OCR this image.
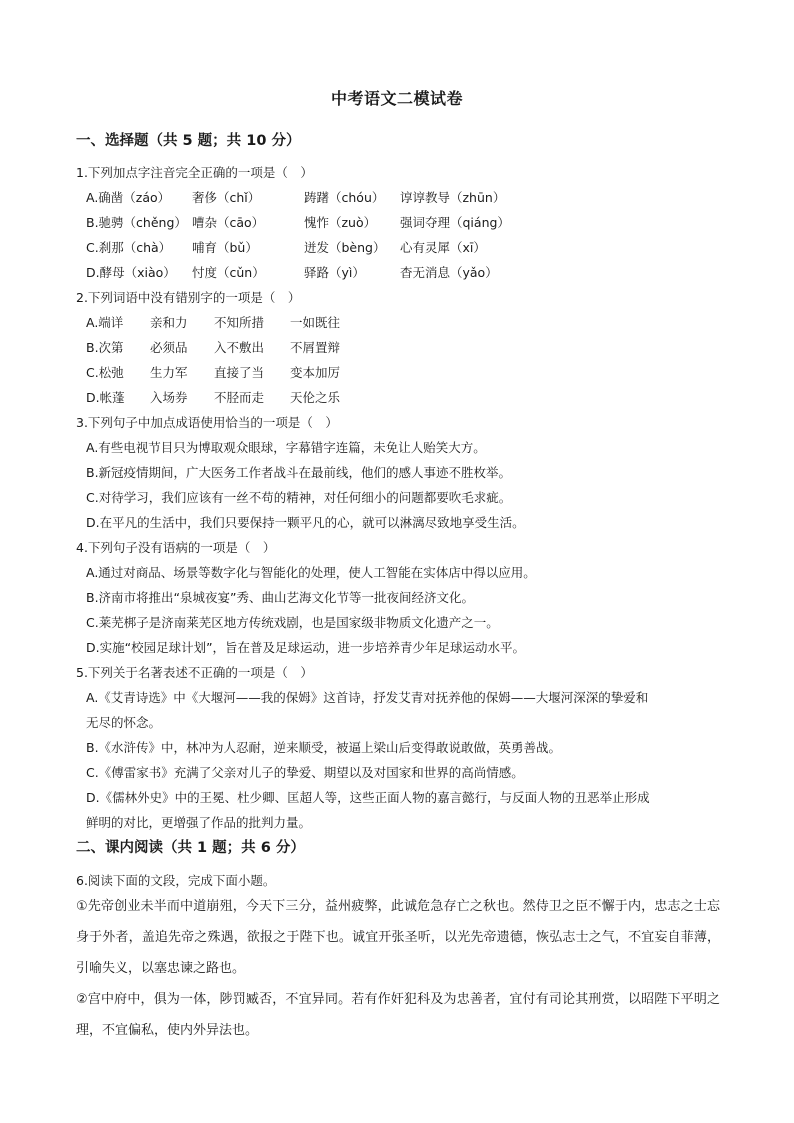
中考语文二模试卷
一、选择题（共 5 题；共 10 分）
1.下列加点字注音完全正确的一项是（　）
A.确凿（záo） 奢侈（chǐ）	踌躇（chóu） 谆谆教导（zhūn）
B.驰骋（chěng） 嘈杂（cāo）	愧怍（zuò） 强词夺理（qiáng）
C.刹那（chà） 哺育（bǔ）	迸发（bèng） 心有灵犀（xī）
D.酵母（xiào） 忖度（cǔn）	驿路（yì）	杳无消息（yǎo）
2.下列词语中没有错别字的一项是（　）
A.端详 亲和力 不知所措 一如既往
B.次第 必须品 入不敷出 不屑置辩
C.松弛 生力军 直接了当 变本加厉
D.帐蓬 入场券 不胫而走 天伦之乐
3.下列句子中加点成语使用恰当的一项是（　）
A.有些电视节目只为博取观众眼球，字幕错字连篇，未免让人贻笑大方。
B.新冠疫情期间，广大医务工作者战斗在最前线，他们的感人事迹不胜枚举。
C.对待学习，我们应该有一丝不苟的精神，对任何细小的问题都要吹毛求疵。
D.在平凡的生活中，我们只要保持一颗平凡的心，就可以淋漓尽致地享受生活。
4.下列句子没有语病的一项是（　）
A.通过对商品、场景等数字化与智能化的处理，使人工智能在实体店中得以应用。
B.济南市将推出“泉城夜宴”秀、曲山艺海文化节等一批夜间经济文化。
C.莱芜梆子是济南莱芜区地方传统戏剧，也是国家级非物质文化遗产之一。
D.实施“校园足球计划”，旨在普及足球运动，进一步培养青少年足球运动水平。
5.下列关于名著表述不正确的一项是（　）
A.《艾青诗选》中《大堰河——我的保姆》这首诗，抒发艾青对抚养他的保姆——大堰河深深的挚爱和
无尽的怀念。
B.《水浒传》中，林冲为人忍耐，逆来顺受，被逼上梁山后变得敢说敢做，英勇善战。
C.《傅雷家书》充满了父亲对儿子的挚爱、期望以及对国家和世界的高尚情感。
D.《儒林外史》中的王冕、杜少卿、匡超人等，这些正面人物的嘉言懿行，与反面人物的丑恶举止形成
鲜明的对比，更增强了作品的批判力量。
二、课内阅读（共 1 题；共 6 分）
6.阅读下面的文段，完成下面小题。

①先帝创业未半而中道崩殂，今天下三分，益州疲弊，此诚危急存亡之秋也。然侍卫之臣不懈于内，忠志之士忘身于外者，盖追先帝之殊遇，欲报之于陛下也。诚宜开张圣听，以光先帝遗德，恢弘志士之气，不宜妄自菲薄，引喻失义，以塞忠谏之路也。

②宫中府中，俱为一体，陟罚臧否，不宜异同。若有作奸犯科及为忠善者，宜付有司论其刑赏，以昭陛下平明之理，不宜偏私，使内外异法也。
